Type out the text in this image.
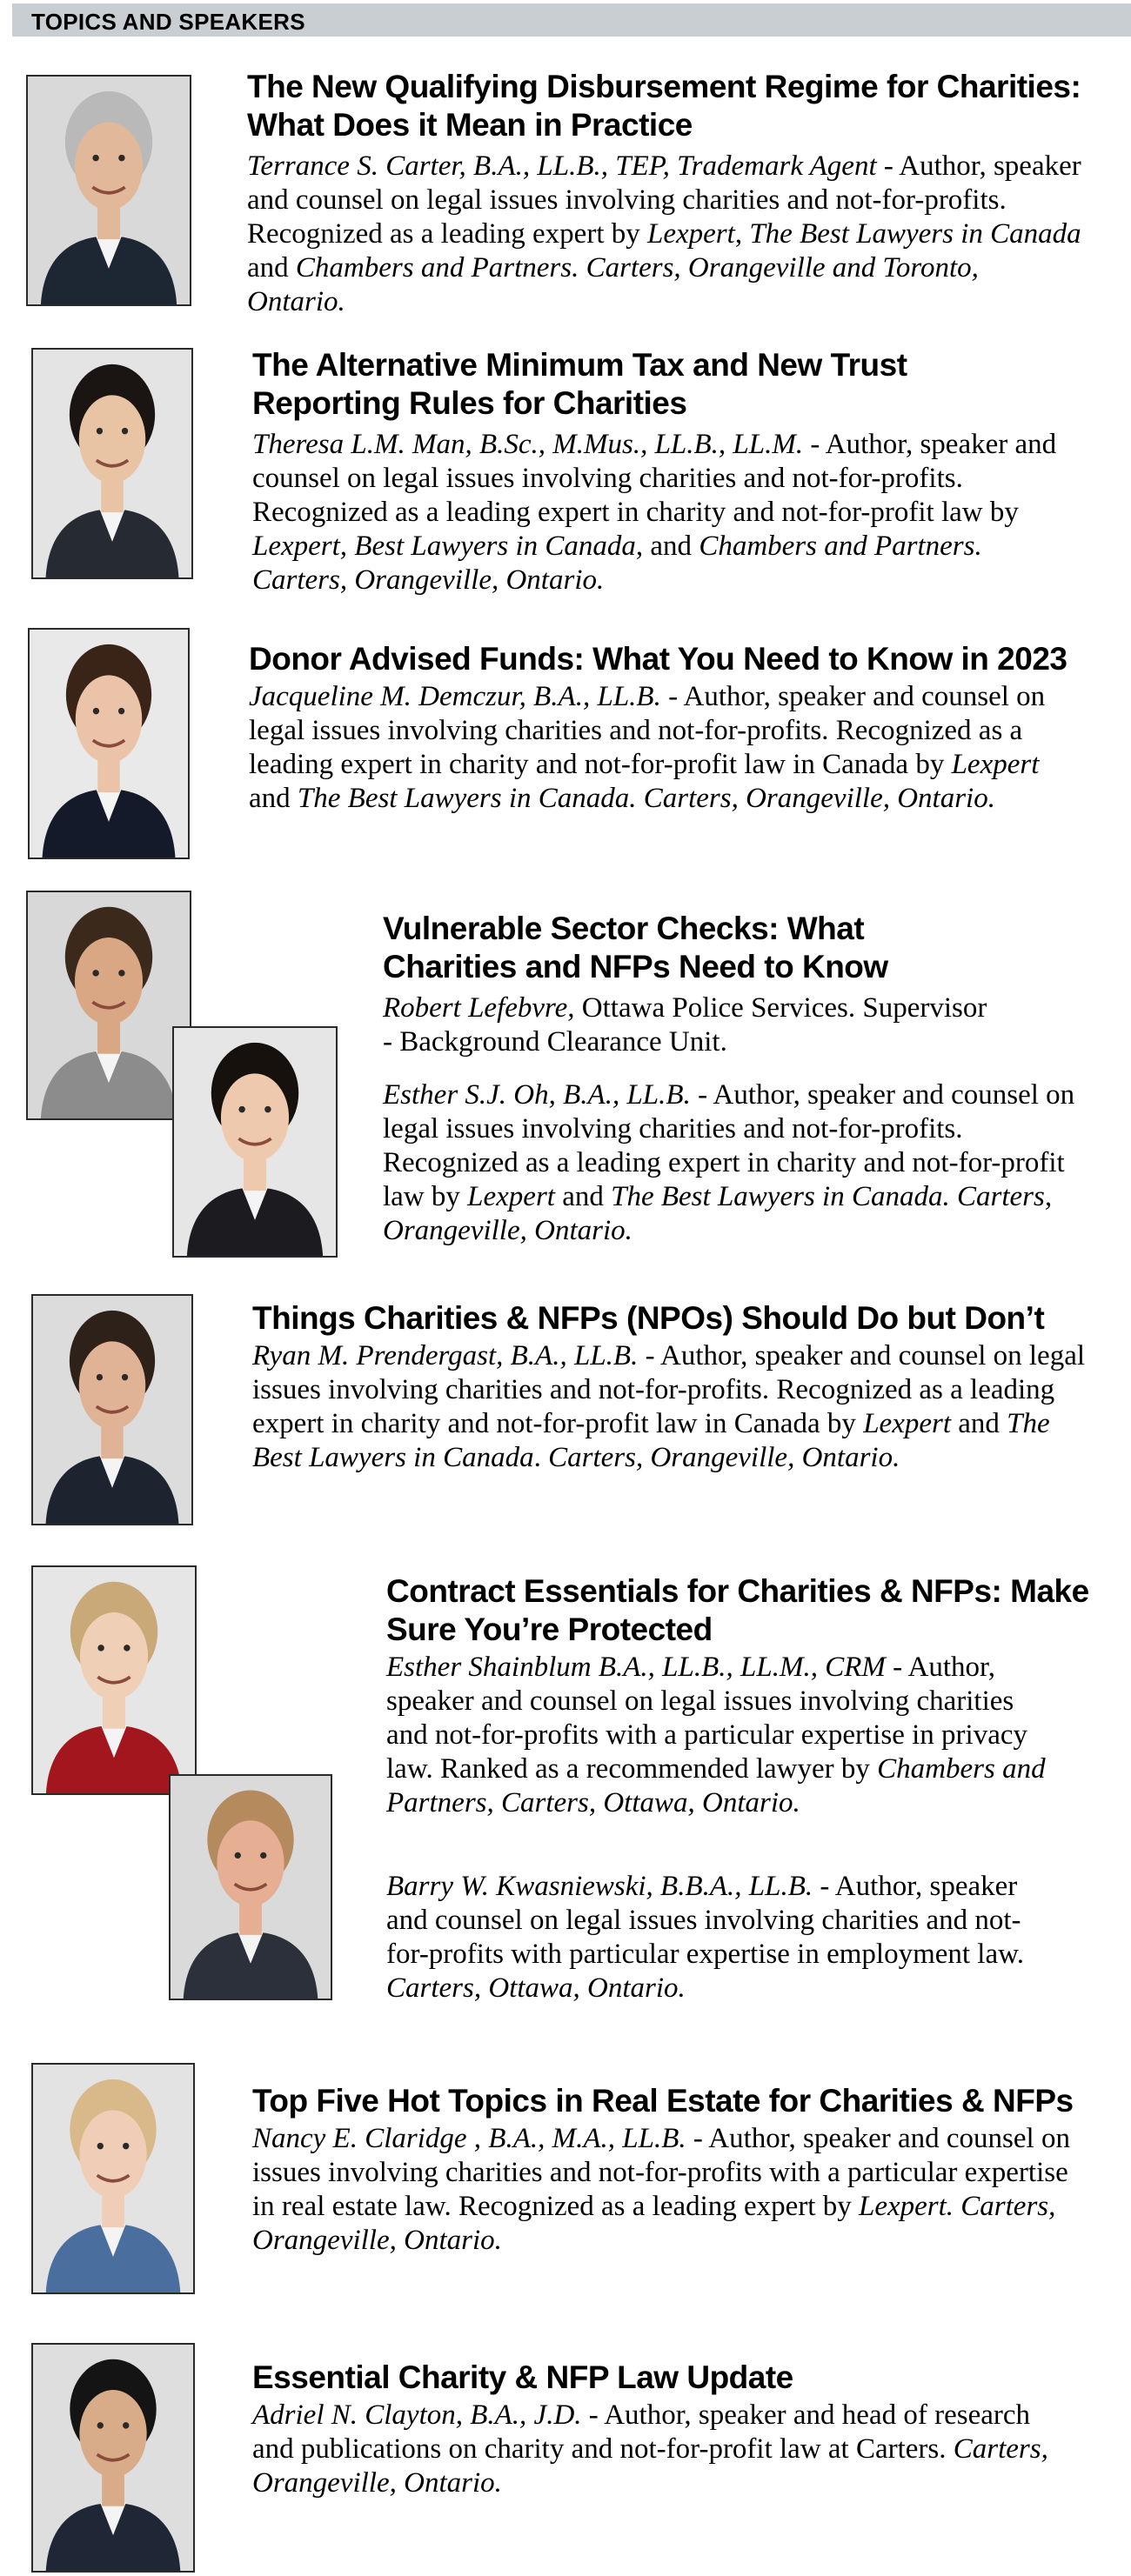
TOPICS AND SPEAKERS
The New Qualifying Disbursement Regime for Charities:
What Does it Mean in Practice
Terrance S. Carter, B.A., LL.B., TEP, Trademark Agent - Author, speaker and counsel on legal issues involving charities and not-for-profits. Recognized as a leading expert by Lexpert, The Best Lawyers in Canada and Chambers and Partners. Carters, Orangeville and Toronto, Ontario.
The Alternative Minimum Tax and New Trust
Reporting Rules for Charities
Theresa L.M. Man, B.Sc., M.Mus., LL.B., LL.M. - Author, speaker and counsel on legal issues involving charities and not-for-profits. Recognized as a leading expert in charity and not-for-profit law by Lexpert, Best Lawyers in Canada, and Chambers and Partners. Carters, Orangeville, Ontario.
Donor Advised Funds: What You Need to Know in 2023
Jacqueline M. Demczur, B.A., LL.B. - Author, speaker and counsel on legal issues involving charities and not-for-profits. Recognized as a leading expert in charity and not-for-profit law in Canada by Lexpert and The Best Lawyers in Canada. Carters, Orangeville, Ontario.
Vulnerable Sector Checks: What
Charities and NFPs Need to Know
Robert Lefebvre, Ottawa Police Services. Supervisor - Background Clearance Unit.
Esther S.J. Oh, B.A., LL.B. - Author, speaker and counsel on legal issues involving charities and not-for-profits. Recognized as a leading expert in charity and not-for-profit law by Lexpert and The Best Lawyers in Canada. Carters, Orangeville, Ontario.
Things Charities & NFPs (NPOs) Should Do but Don’t
Ryan M. Prendergast, B.A., LL.B. - Author, speaker and counsel on legal issues involving charities and not-for-profits. Recognized as a leading expert in charity and not-for-profit law in Canada by Lexpert and The Best Lawyers in Canada. Carters, Orangeville, Ontario.
Contract Essentials for Charities & NFPs: Make
Sure You’re Protected
Esther Shainblum B.A., LL.B., LL.M., CRM - Author, speaker and counsel on legal issues involving charities and not-for-profits with a particular expertise in privacy law. Ranked as a recommended lawyer by Chambers and Partners, Carters, Ottawa, Ontario.
Barry W. Kwasniewski, B.B.A., LL.B. - Author, speaker and counsel on legal issues involving charities and not-for-profits with particular expertise in employment law. Carters, Ottawa, Ontario.
Top Five Hot Topics in Real Estate for Charities & NFPs
Nancy E. Claridge , B.A., M.A., LL.B. - Author, speaker and counsel on issues involving charities and not-for-profits with a particular expertise in real estate law. Recognized as a leading expert by Lexpert. Carters, Orangeville, Ontario.
Essential Charity & NFP Law Update
Adriel N. Clayton, B.A., J.D. - Author, speaker and head of research and publications on charity and not-for-profit law at Carters. Carters, Orangeville, Ontario.
